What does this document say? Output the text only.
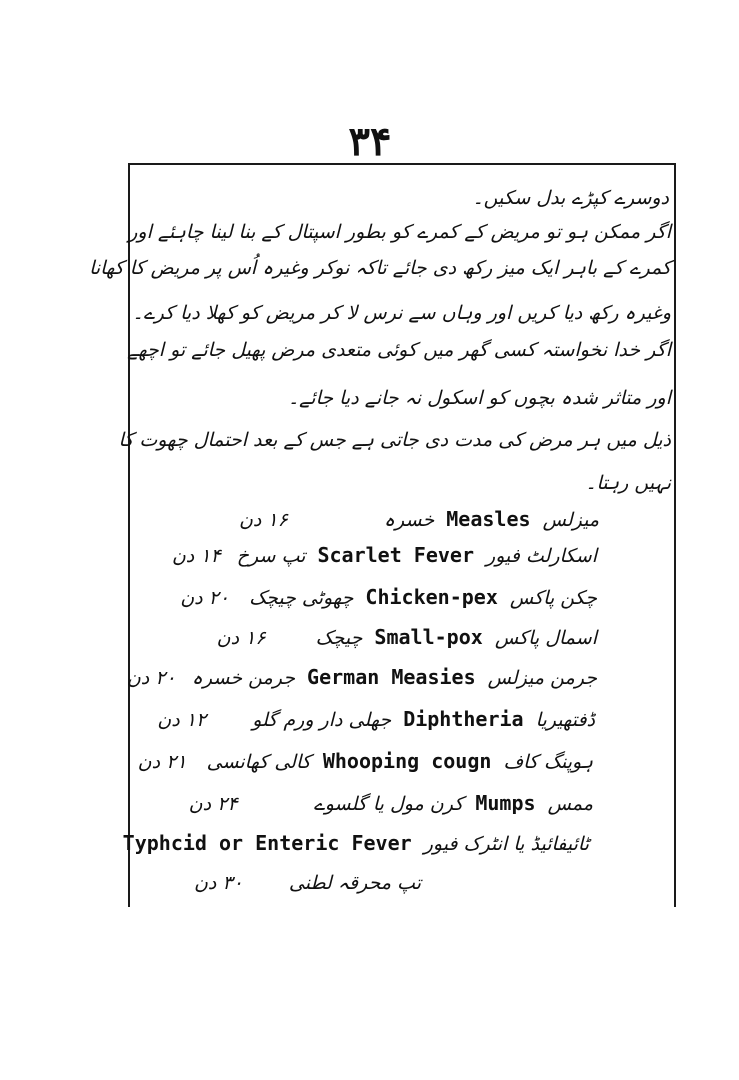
۳۴
دوسرے کپڑے بدل سکیں۔
اگر ممکن ہو تو مریض کے کمرے کو بطور اسپتال کے بنا لینا چاہئے اور
کمرے کے باہر ایک میز رکھ دی جائے تاکہ نوکر وغیرہ اُس پر مریض کا کھانا
وغیرہ رکھ دیا کریں اور وہاں سے نرس لا کر مریض کو کھلا دیا کرے۔
اگر خدا نخواستہ کسی گھر میں کوئی متعدی مرض پھیل جائے تو اچھے
اور متاثر شدہ بچوں کو اسکول نہ جانے دیا جائے۔
ذیل میں ہر مرض کی مدت دی جاتی ہے جس کے بعد احتمال چھوت کا
نہیں رہتا۔
میزلس Measles خسرہ ۱۶ دن
اسکارلٹ فیور Scarlet Fever تپ سرخ ۱۴ دن
چکن پاکس Chicken-pex چھوٹی چیچک ۲۰ دن
اسمال پاکس Small-pox چیچک ۱۶ دن
جرمن میزلس German Measies جرمن خسرہ ۲۰ دن
ڈفتھیریا Diphtheria جھلی دار ورم گلو ۱۲ دن
ہوپنگ کاف Whooping cougn کالی کھانسی ۲۱ دن
ممس Mumps کرن مول یا گلسوے ۲۴ دن
ٹائیفائیڈ یا انٹرک فیور Typhcid or Enteric Fever
تپ محرقہ لطنی ۳۰ دن
